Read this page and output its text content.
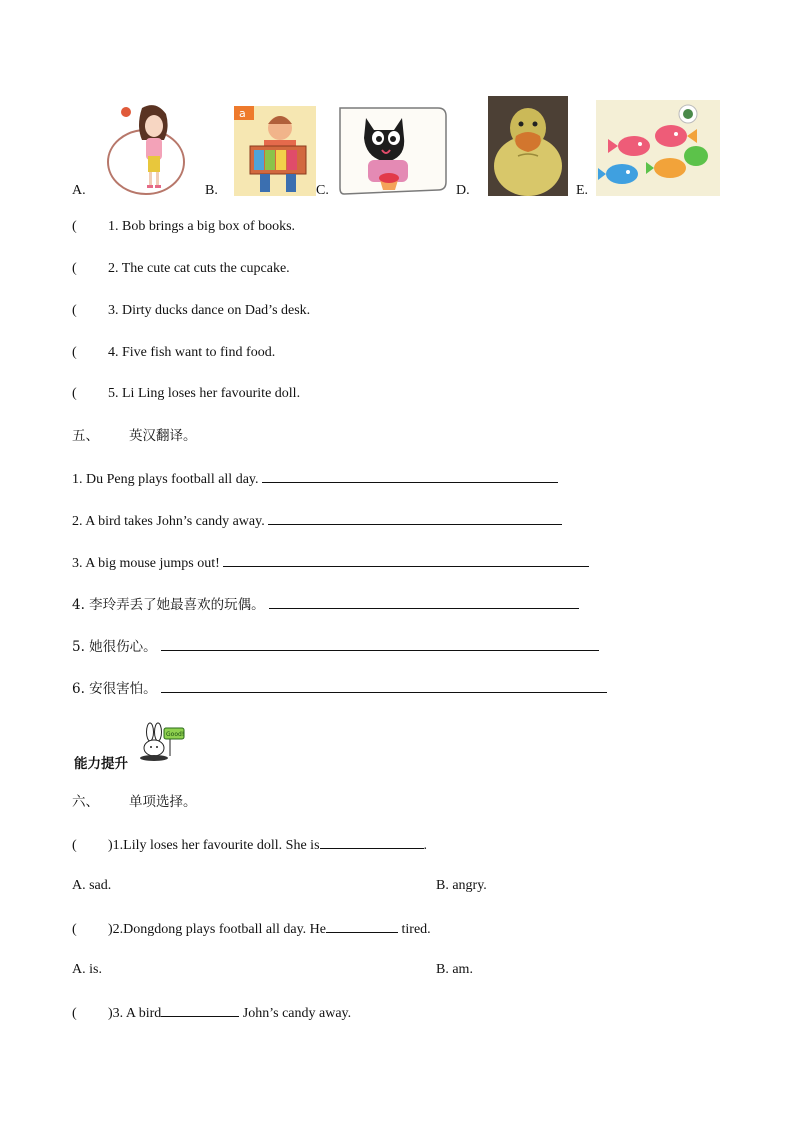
A.	B.
a
C.	D.	E.
( 1. Bob brings a big box of books.
( 2. The cute cat cuts the cupcake.
( 3. Dirty ducks dance on Dad’s desk.
( 4. Five fish want to find food.
( 5. Li Ling loses her favourite doll.
五、 英汉翻译。
1. Du Peng plays football all day.
2. A bird takes John’s candy away.
3. A big mouse jumps out!
4. 李玲弄丢了她最喜欢的玩偶。
5. 她很伤心。
6. 安很害怕。
能力提升
Good!
六、 单项选择。
( )1.Lily loses her favourite doll. She is	.
A. sad.	B. angry.
( )2.Dongdong plays football all day. He	tired.
A. is.	B. am.
( )3. A bird	John’s candy away.
